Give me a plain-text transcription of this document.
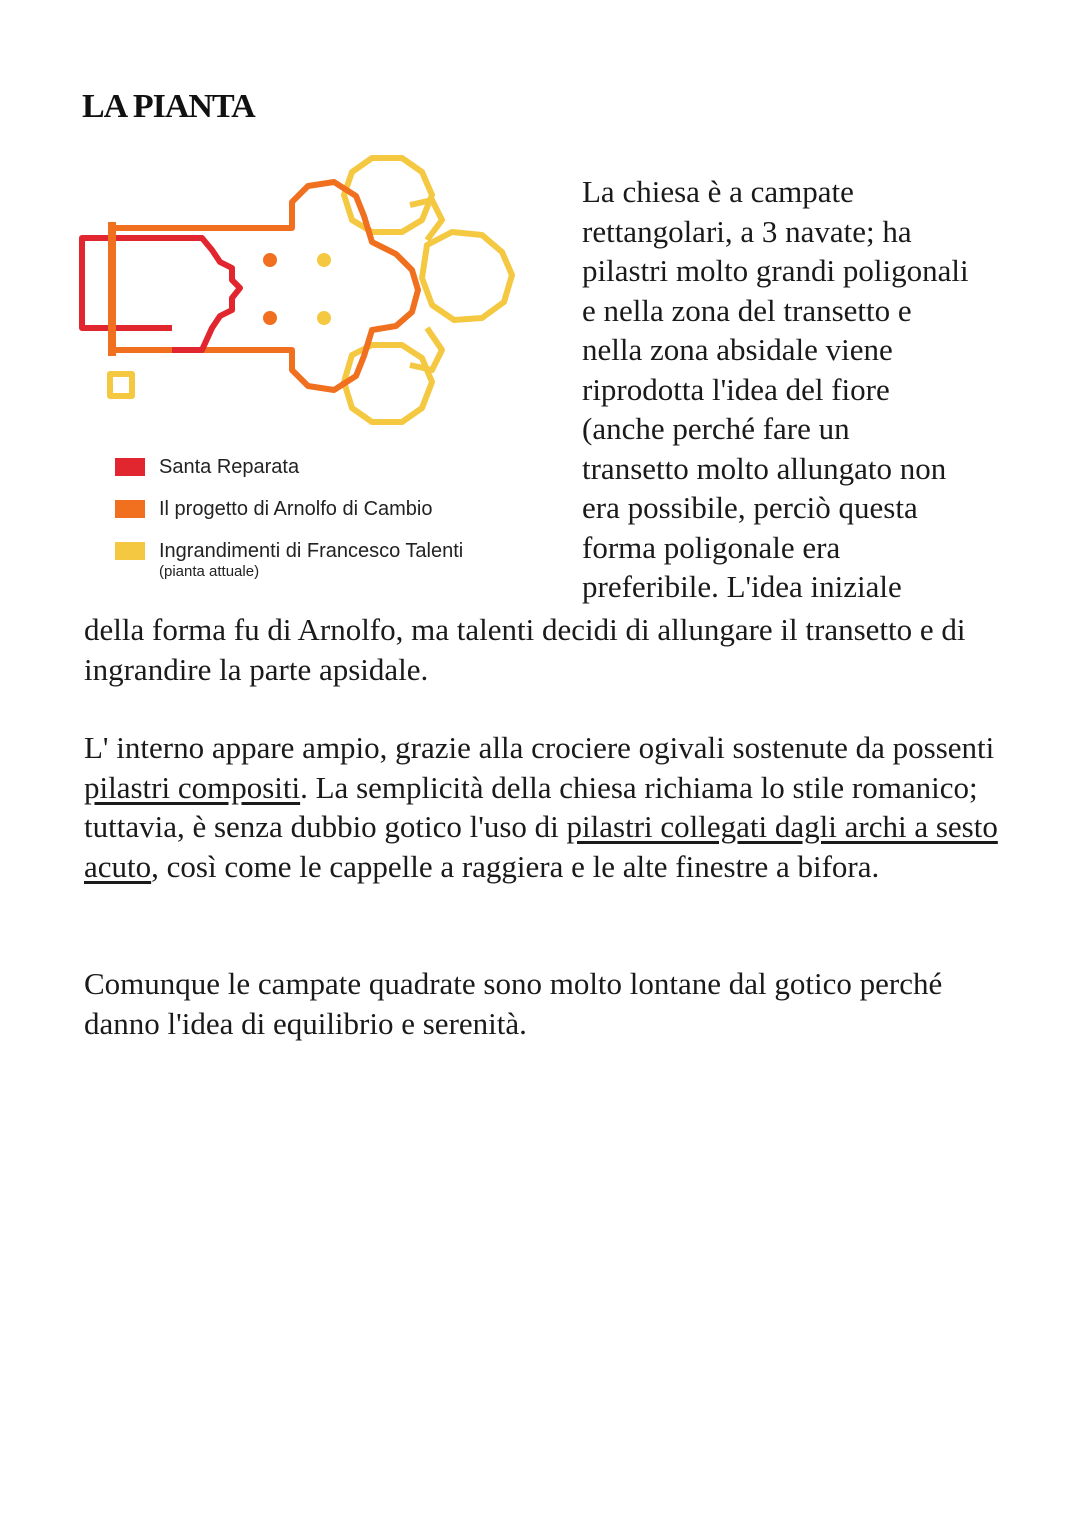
LA PIANTA
Santa Reparata
Il progetto di Arnolfo di Cambio
Ingrandimenti di Francesco Talenti
(pianta attuale)

La chiesa è a campate
rettangolari, a 3 navate; ha
pilastri molto grandi poligonali
e nella zona del transetto e
nella zona absidale viene
riprodotta l'idea del fiore
(anche perché fare un
transetto molto allungato non
era possibile, perciò questa
forma poligonale era
preferibile. L'idea iniziale

della forma fu di Arnolfo, ma talenti decidi di allungare il transetto e di ingrandire la parte apsidale.

L' interno appare ampio, grazie alla crociere ogivali sostenute da possenti pilastri compositi. La semplicità della chiesa richiama lo stile romanico; tuttavia, è senza dubbio gotico l'uso di pilastri collegati dagli archi a sesto acuto, così come le cappelle a raggiera e le alte finestre a bifora.

Comunque le campate quadrate sono molto lontane dal gotico perché danno l'idea di equilibrio e serenità.
